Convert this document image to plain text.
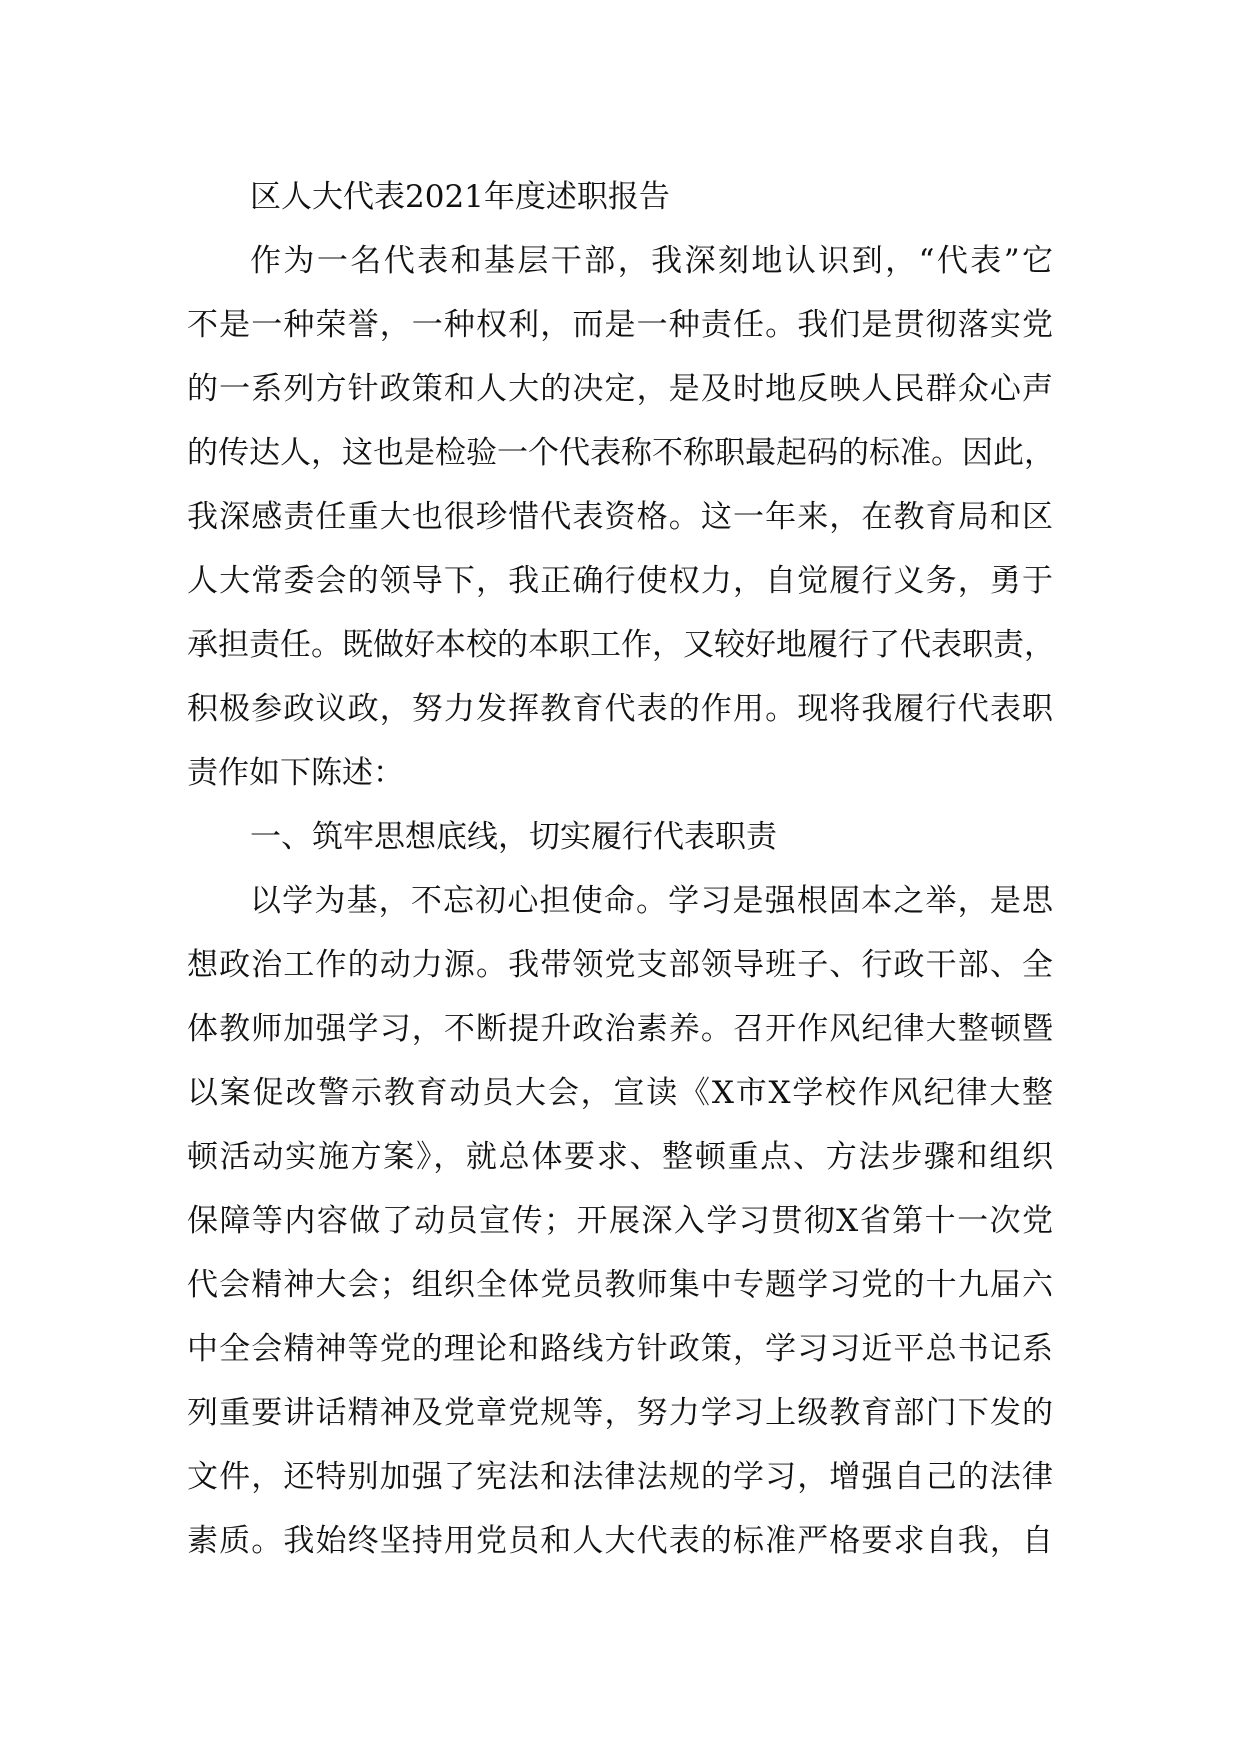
区人大代表2021年度述职报告
作为一名代表和基层干部，我深刻地认识到，“代表”它
不是一种荣誉，一种权利，而是一种责任。我们是贯彻落实党
的一系列方针政策和人大的决定，是及时地反映人民群众心声
的传达人，这也是检验一个代表称不称职最起码的标准。因此，
我深感责任重大也很珍惜代表资格。这一年来，在教育局和区
人大常委会的领导下，我正确行使权力，自觉履行义务，勇于
承担责任。既做好本校的本职工作，又较好地履行了代表职责，
积极参政议政，努力发挥教育代表的作用。现将我履行代表职
责作如下陈述：
一、筑牢思想底线，切实履行代表职责
以学为基，不忘初心担使命。学习是强根固本之举，是思
想政治工作的动力源。我带领党支部领导班子、行政干部、全
体教师加强学习，不断提升政治素养。召开作风纪律大整顿暨
以案促改警示教育动员大会，宣读《X市X学校作风纪律大整
顿活动实施方案》，就总体要求、整顿重点、方法步骤和组织
保障等内容做了动员宣传；开展深入学习贯彻X省第十一次党
代会精神大会；组织全体党员教师集中专题学习党的十九届六
中全会精神等党的理论和路线方针政策，学习习近平总书记系
列重要讲话精神及党章党规等，努力学习上级教育部门下发的
文件，还特别加强了宪法和法律法规的学习，增强自己的法律
素质。我始终坚持用党员和人大代表的标准严格要求自我，自
